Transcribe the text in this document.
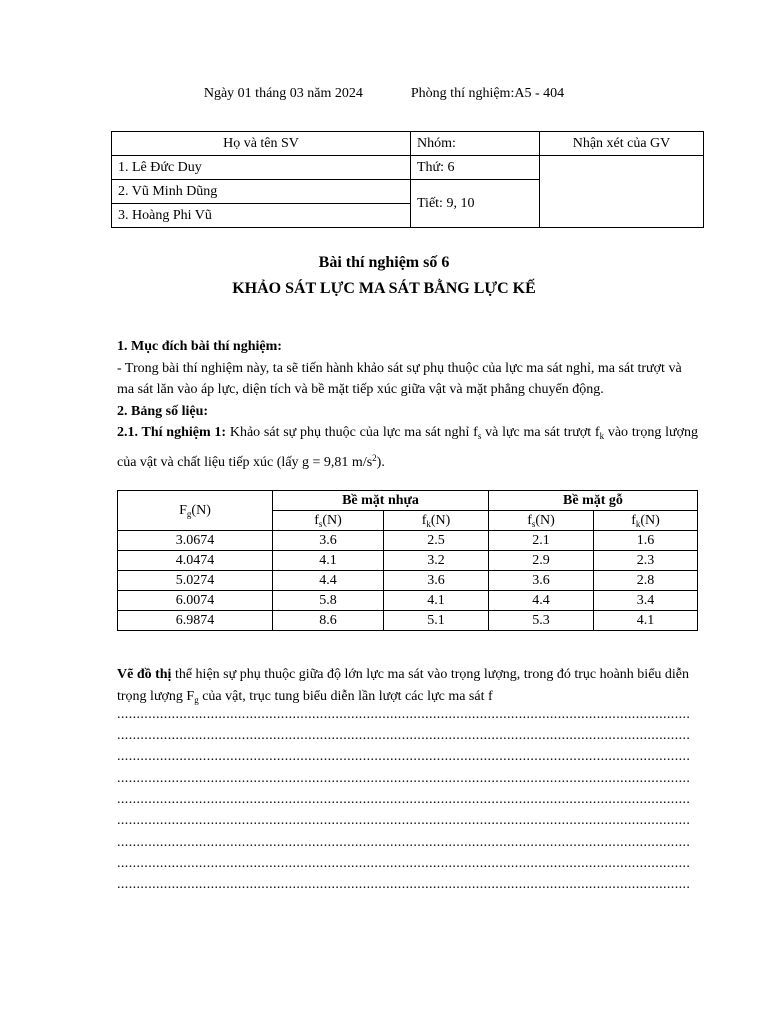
Ngày 01 tháng 03 năm 2024	Phòng thí nghiệm:A5 - 404
Họ và tên SV	Nhóm:	Nhận xét của GV
1. Lê Đức Duy	Thứ: 6	
2. Vũ Minh Dũng	Tiết: 9, 10	
3. Hoàng Phi Vũ		
Bài thí nghiệm số 6
KHẢO SÁT LỰC MA SÁT BẰNG LỰC KẾ
1. Mục đích bài thí nghiệm:
- Trong bài thí nghiệm này, ta sẽ tiến hành khảo sát sự phụ thuộc của lực ma sát nghỉ, ma sát trượt và ma sát lăn vào áp lực, diện tích và bề mặt tiếp xúc giữa vật và mặt phẳng chuyển động.
2. Bảng số liệu:
2.1. Thí nghiệm 1: Khảo sát sự phụ thuộc của lực ma sát nghỉ $f_s$ và lực ma sát trượt $f_k$ vào trọng lượng của vật và chất liệu tiếp xúc (lấy g = 9,81 $m/s^2$).
$F_g(N)$	Bề mặt nhựa		Bề mặt gỗ	
	$f_s(N)$	$f_k(N)$	$f_s(N)$	$f_k(N)$
3.0674	3.6	2.5	2.1	1.6
4.0474	4.1	3.2	2.9	2.3
5.0274	4.4	3.6	3.6	2.8
6.0074	5.8	4.1	4.4	3.4
6.9874	8.6	5.1	5.3	4.1
Vẽ đồ thị thể hiện sự phụ thuộc giữa độ lớn lực ma sát vào trọng lượng, trong đó trục hoành biểu diễn trọng lượng $F_g$ của vật, trục tung biểu diễn lần lượt các lực ma sát f
...................................................................................................................................................
...................................................................................................................................................
...................................................................................................................................................
...................................................................................................................................................
...................................................................................................................................................
...................................................................................................................................................
...................................................................................................................................................
...................................................................................................................................................
...................................................................................................................................................
